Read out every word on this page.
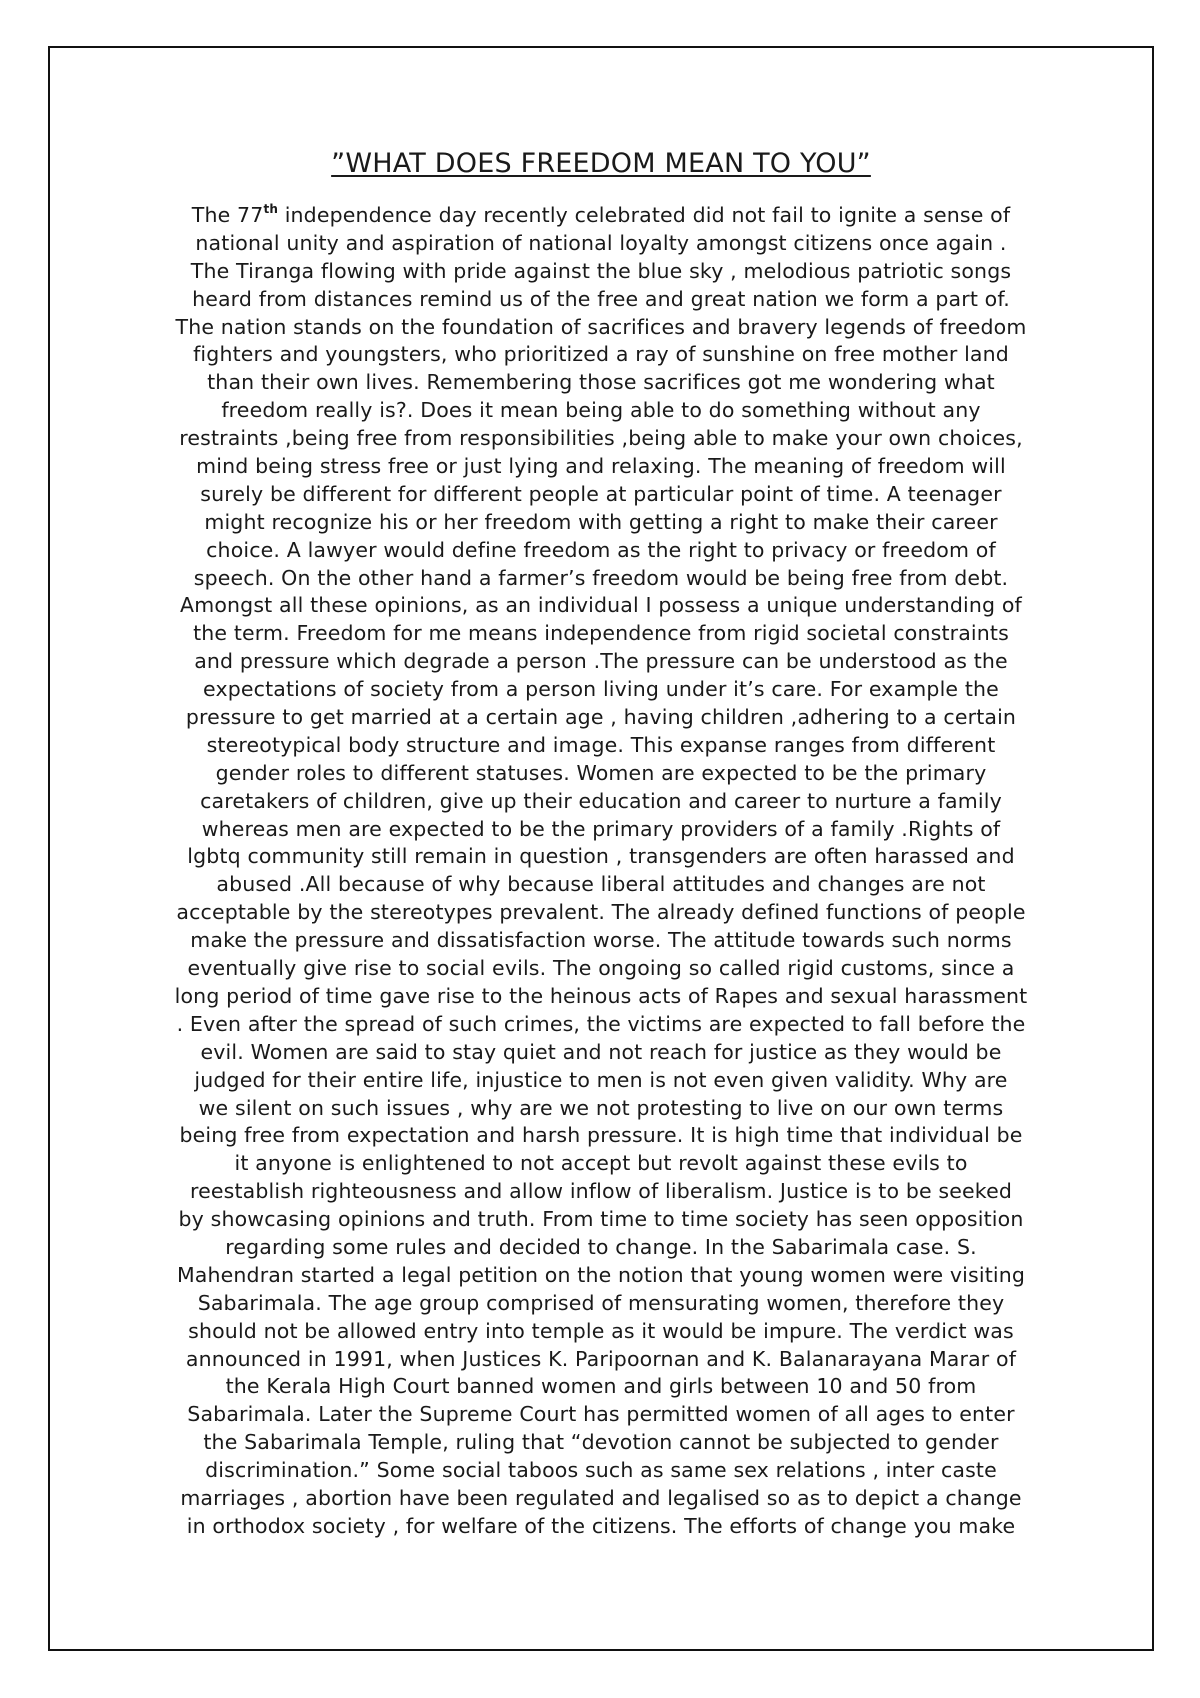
”WHAT DOES FREEDOM MEAN TO YOU”
The 77th independence day recently celebrated did not fail to ignite a sense of
national unity and aspiration of national loyalty amongst citizens once again .
The Tiranga flowing with pride against the blue sky , melodious patriotic songs
heard from distances remind us of the free and great nation we form a part of.
The nation stands on the foundation of sacrifices and bravery legends of freedom
fighters and youngsters, who prioritized a ray of sunshine on free mother land
than their own lives. Remembering those sacrifices got me wondering what
freedom really is?. Does it mean being able to do something without any
restraints ,being free from responsibilities ,being able to make your own choices,
mind being stress free or just lying and relaxing. The meaning of freedom will
surely be different for different people at particular point of time. A teenager
might recognize his or her freedom with getting a right to make their career
choice. A lawyer would define freedom as the right to privacy or freedom of
speech. On the other hand a farmer’s freedom would be being free from debt.
Amongst all these opinions, as an individual I possess a unique understanding of
the term. Freedom for me means independence from rigid societal constraints
and pressure which degrade a person .The pressure can be understood as the
expectations of society from a person living under it’s care. For example the
pressure to get married at a certain age , having children ,adhering to a certain
stereotypical body structure and image. This expanse ranges from different
gender roles to different statuses. Women are expected to be the primary
caretakers of children, give up their education and career to nurture a family
whereas men are expected to be the primary providers of a family .Rights of
lgbtq community still remain in question , transgenders are often harassed and
abused .All because of why because liberal attitudes and changes are not
acceptable by the stereotypes prevalent. The already defined functions of people
make the pressure and dissatisfaction worse. The attitude towards such norms
eventually give rise to social evils. The ongoing so called rigid customs, since a
long period of time gave rise to the heinous acts of Rapes and sexual harassment
. Even after the spread of such crimes, the victims are expected to fall before the
evil. Women are said to stay quiet and not reach for justice as they would be
judged for their entire life, injustice to men is not even given validity. Why are
we silent on such issues , why are we not protesting to live on our own terms
being free from expectation and harsh pressure. It is high time that individual be
it anyone is enlightened to not accept but revolt against these evils to
reestablish righteousness and allow inflow of liberalism. Justice is to be seeked
by showcasing opinions and truth. From time to time society has seen opposition
regarding some rules and decided to change. In the Sabarimala case. S.
Mahendran started a legal petition on the notion that young women were visiting
Sabarimala. The age group comprised of mensurating women, therefore they
should not be allowed entry into temple as it would be impure. The verdict was
announced in 1991, when Justices K. Paripoornan and K. Balanarayana Marar of
the Kerala High Court banned women and girls between 10 and 50 from
Sabarimala. Later the Supreme Court has permitted women of all ages to enter
the Sabarimala Temple, ruling that “devotion cannot be subjected to gender
discrimination.” Some social taboos such as same sex relations , inter caste
marriages , abortion have been regulated and legalised so as to depict a change
in orthodox society , for welfare of the citizens. The efforts of change you make
